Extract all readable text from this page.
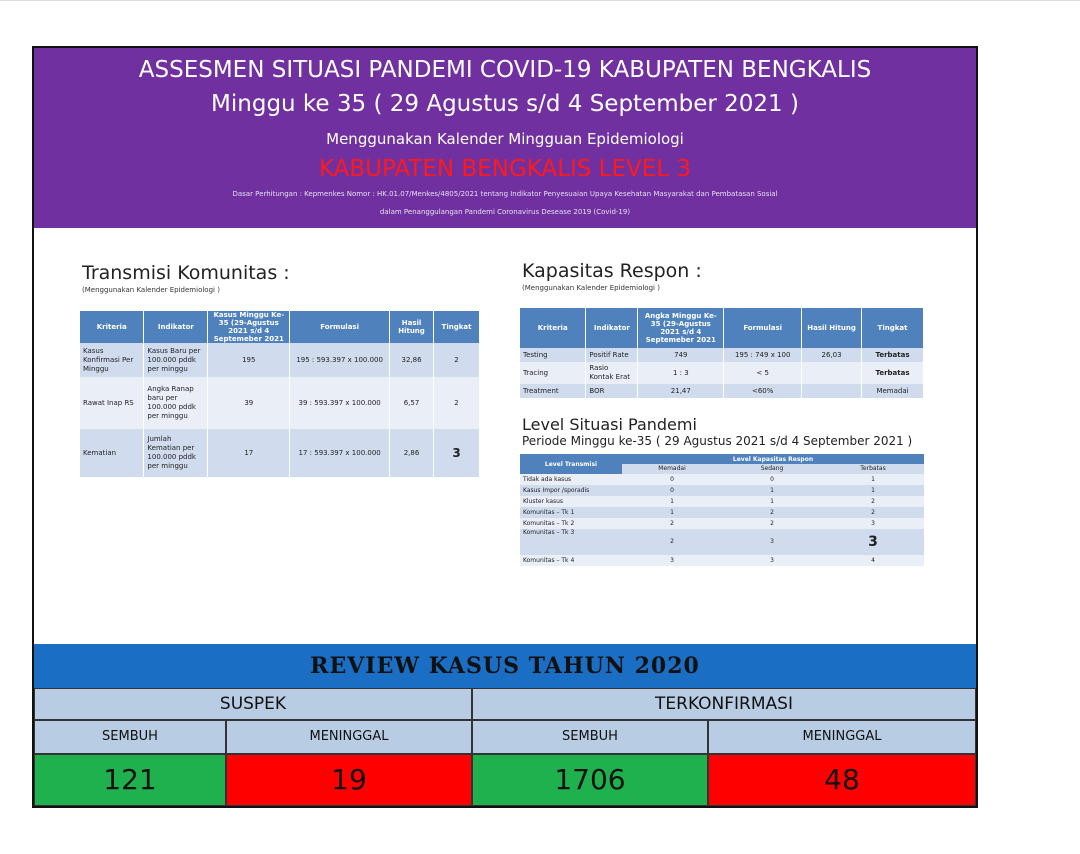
ASSESMEN SITUASI PANDEMI COVID-19 KABUPATEN BENGKALIS
Minggu ke 35 ( 29 Agustus s/d 4 September 2021 )
Menggunakan Kalender Mingguan Epidemiologi
KABUPATEN BENGKALIS LEVEL 3
Dasar Perhitungan : Kepmenkes Nomor : HK.01.07/Menkes/4805/2021 tentang Indikator Penyesuaian Upaya Kesehatan Masyarakat dan Pembatasan Sosial
dalam Penanggulangan Pandemi Coronavirus Desease 2019 (Covid-19)
Transmisi Komunitas :
(Menggunakan Kalender Epidemiologi )
Kriteria	Indikator	Kasus Minggu Ke-35 (29-Agustus 2021 s/d 4 Septemeber 2021	Formulasi	Hasil Hitung	Tingkat
Kasus Konfirmasi Per Minggu	Kasus Baru per 100.000 pddk per minggu	195	195 : 593.397 x 100.000	32,86	2
Rawat Inap RS	Angka Ranap baru per 100.000 pddk per minggu	39	39 : 593.397 x 100.000	6,57	2
Kematian	Jumlah Kematian per 100.000 pddk per minggu	17	17 : 593.397 x 100.000	2,86	3
Kapasitas Respon :
(Menggunakan Kalender Epidemiologi )
Kriteria	Indikator	Angka Minggu Ke-35 (29-Agustus 2021 s/d 4 Septemeber 2021	Formulasi	Hasil Hitung	Tingkat
Testing	Positif Rate	749	195 : 749 x 100	26,03	Terbatas
Tracing	Rasio Kontak Erat	1 : 3	< 5		Terbatas
Treatment	BOR	21,47	<60%		Memadai
Level Situasi Pandemi
Periode Minggu ke-35 ( 29 Agustus 2021 s/d 4 September 2021 )
Level Transmisi	Level Kapasitas Respon		
	Memadai	Sedang	Terbatas
Tidak ada kasus	0	0	1
Kasus Impor /sporadis	0	1	1
Kluster kasus	1	1	2
Komunitas – Tk 1	1	2	2
Komunitas – Tk 2	2	2	3
Komunitas – Tk 3	2	3	3
Komunitas – Tk 4	3	3	4
REVIEW KASUS TAHUN 2020
SUSPEK	TERKONFIRMASI
SEMBUH	MENINGGAL	SEMBUH	MENINGGAL
121	19	1706	48
